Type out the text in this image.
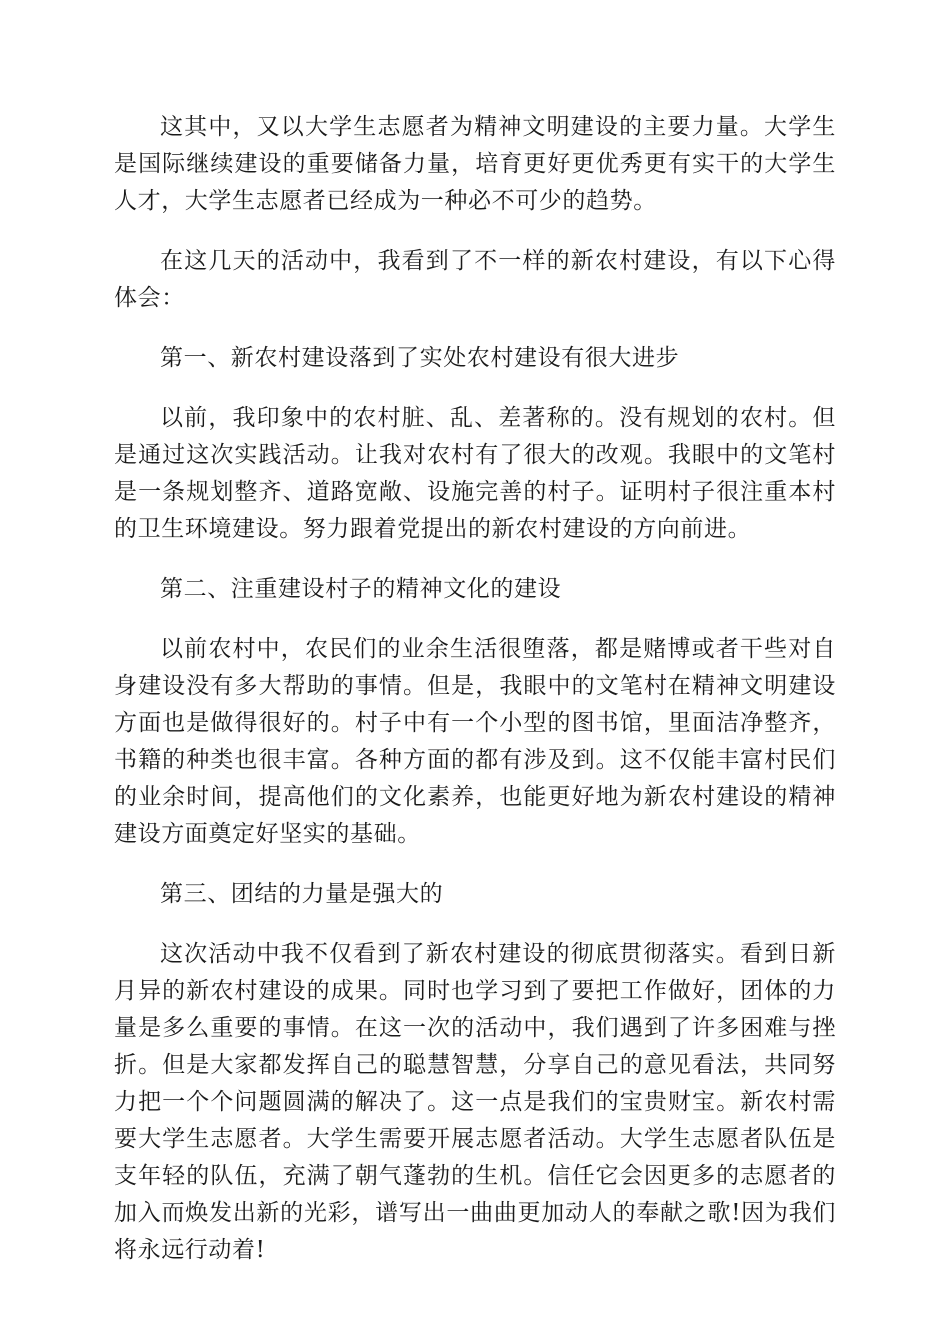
这其中，又以大学生志愿者为精神文明建设的主要力量。大学生是国际继续建设的重要储备力量，培育更好更优秀更有实干的大学生人才，大学生志愿者已经成为一种必不可少的趋势。

在这几天的活动中，我看到了不一样的新农村建设，有以下心得体会：

第一、新农村建设落到了实处农村建设有很大进步

以前，我印象中的农村脏、乱、差著称的。没有规划的农村。但是通过这次实践活动。让我对农村有了很大的改观。我眼中的文笔村是一条规划整齐、道路宽敞、设施完善的村子。证明村子很注重本村的卫生环境建设。努力跟着党提出的新农村建设的方向前进。

第二、注重建设村子的精神文化的建设

以前农村中，农民们的业余生活很堕落，都是赌博或者干些对自身建设没有多大帮助的事情。但是，我眼中的文笔村在精神文明建设方面也是做得很好的。村子中有一个小型的图书馆，里面洁净整齐，书籍的种类也很丰富。各种方面的都有涉及到。这不仅能丰富村民们的业余时间，提高他们的文化素养，也能更好地为新农村建设的精神建设方面奠定好坚实的基础。

第三、团结的力量是强大的

这次活动中我不仅看到了新农村建设的彻底贯彻落实。看到日新月异的新农村建设的成果。同时也学习到了要把工作做好，团体的力量是多么重要的事情。在这一次的活动中，我们遇到了许多困难与挫折。但是大家都发挥自己的聪慧智慧，分享自己的意见看法，共同努力把一个个问题圆满的解决了。这一点是我们的宝贵财宝。新农村需要大学生志愿者。大学生需要开展志愿者活动。大学生志愿者队伍是支年轻的队伍，充满了朝气蓬勃的生机。信任它会因更多的志愿者的加入而焕发出新的光彩，谱写出一曲曲更加动人的奉献之歌!因为我们将永远行动着!
